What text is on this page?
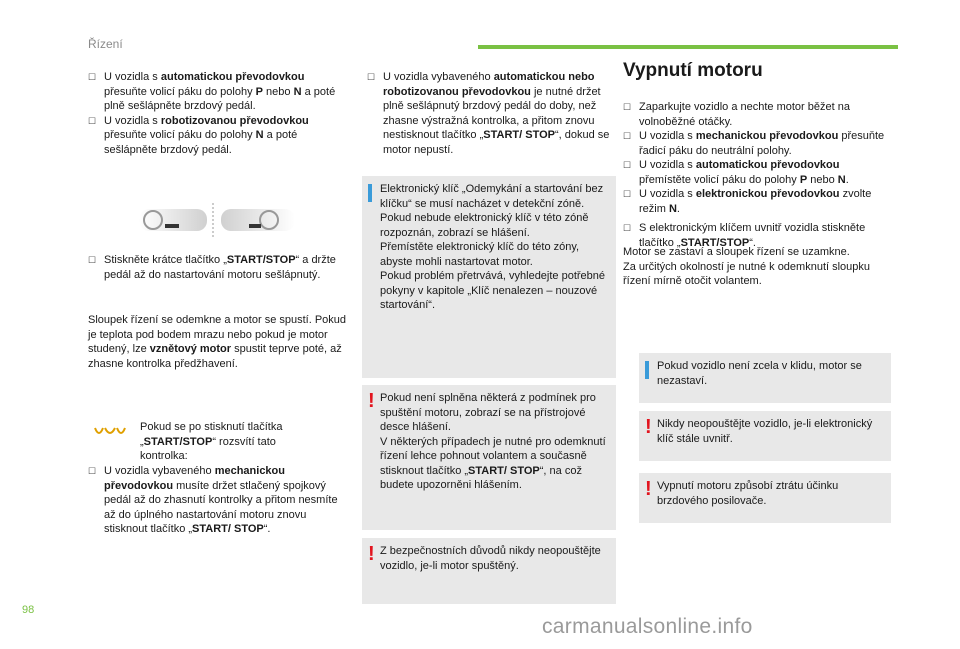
Řízení
☐ U vozidla s automatickou převodovkou přesuňte volicí páku do polohy P nebo N a poté plně sešlápněte brzdový pedál.
☐ U vozidla s robotizovanou převodovkou přesuňte volicí páku do polohy N a poté sešlápněte brzdový pedál.
☐ Stiskněte krátce tlačítko „START/STOP“ a držte pedál až do nastartování motoru sešlápnutý.

Sloupek řízení se odemkne a motor se spustí. Pokud je teplota pod bodem mrazu nebo pokud je motor studený, lze vznětový motor spustit teprve poté, až zhasne kontrolka předžhavení.

Pokud se po stisknutí tlačítka „START/STOP“ rozsvítí tato kontrolka:

☐ U vozidla vybaveného mechanickou převodovkou musíte držet stlačený spojkový pedál až do zhasnutí kontrolky a přitom nesmíte až do úplného nastartování motoru znovu stisknout tlačítko „START/ STOP“.
☐ U vozidla vybaveného automatickou nebo robotizovanou převodovkou je nutné držet plně sešlápnutý brzdový pedál do doby, než zhasne výstražná kontrolka, a přitom znovu nestisknout tlačítko „START/ STOP“, dokud se motor nepustí.
Elektronický klíč „Odemykání a startování bez klíčku“ se musí nacházet v detekční zóně.
Pokud nebude elektronický klíč v této zóně rozpoznán, zobrazí se hlášení.
Přemístěte elektronický klíč do této zóny, abyste mohli nastartovat motor.
Pokud problém přetrvává, vyhledejte potřebné pokyny v kapitole „Klíč nenalezen – nouzové startování“.
! Pokud není splněna některá z podmínek pro spuštění motoru, zobrazí se na přístrojové desce hlášení.
V některých případech je nutné pro odemknutí řízení lehce pohnout volantem a současně stisknout tlačítko „START/ STOP“, na což budete upozorněni hlášením.
! Z bezpečnostních důvodů nikdy neopouštějte vozidlo, je-li motor spuštěný.
Vypnutí motoru
☐ Zaparkujte vozidlo a nechte motor běžet na volnoběžné otáčky.
☐ U vozidla s mechanickou převodovkou přesuňte řadicí páku do neutrální polohy.
☐ U vozidla s automatickou převodovkou přemístěte volicí páku do polohy P nebo N.
☐ U vozidla s elektronickou převodovkou zvolte režim N.
☐ S elektronickým klíčem uvnitř vozidla stiskněte tlačítko „START/STOP“.

Motor se zastaví a sloupek řízení se uzamkne.
Za určitých okolností je nutné k odemknutí sloupku řízení mírně otočit volantem.

Pokud vozidlo není zcela v klidu, motor se nezastaví.
! Nikdy neopouštějte vozidlo, je-li elektronický klíč stále uvnitř.
! Vypnutí motoru způsobí ztrátu účinku brzdového posilovače.
98
carmanualsonline.info
